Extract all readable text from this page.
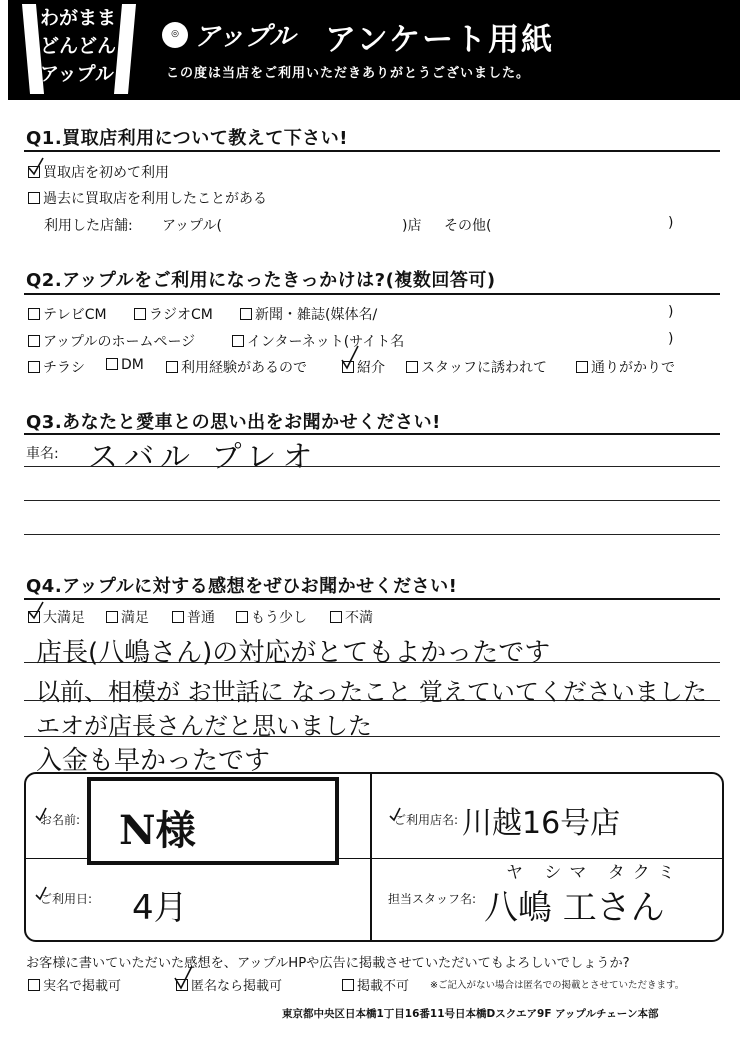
わがまま
どんどん
アップル!
◎ アップル アンケート用紙
この度は当店をご利用いただきありがとうございました。
Q1.買取店利用について教えて下さい!
買取店を初めて利用
過去に買取店を利用したことがある
利用した店舗: アップル(	)店 その他(	)
Q2.アップルをご利用になったきっかけは?(複数回答可)
テレビCM	ラジオCM	新聞・雑誌(媒体名/	)
アップルのホームページ	インターネット(サイト名	)
チラシ	DM	利用経験があるので	紹介	スタッフに誘われて	通りがかりで
Q3.あなたと愛車との思い出をお聞かせください!
車名: スバル プレオ
Q4.アップルに対する感想をぜひお聞かせください!
大満足	満足	普通	もう少し	不満
店長(八嶋さん)の対応がとてもよかったです
以前、相模が お世話に なったこと 覚えていてくださいました
エオが店長さんだと思いました
入金も早かったです
お名前: N様	ご利用店名: 川越16号店
ご利用日: 4月	担当スタッフ名:
ヤ シマ タクミ
八嶋 工さん
お客様に書いていただいた感想を、アップルHPや広告に掲載させていただいてもよろしいでしょうか?
実名で掲載可	匿名なら掲載可	掲載不可 ※ご記入がない場合は匿名での掲載とさせていただきます。
東京都中央区日本橋1丁目16番11号日本橋Dスクエア9F アップルチェーン本部
